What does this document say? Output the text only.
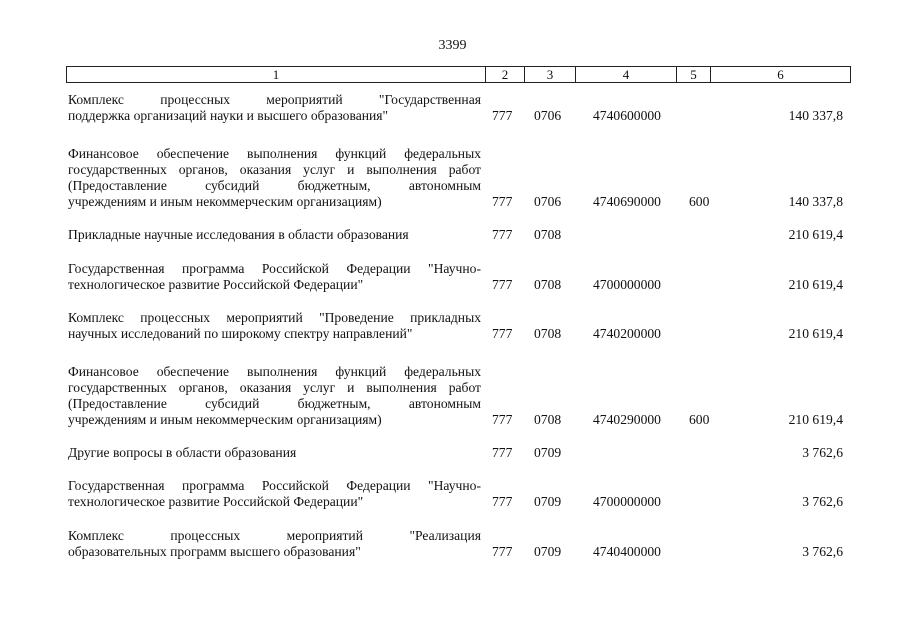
3399
1	2	3	4	5	6
Комплекс процессных мероприятий "Государственная
поддержка организаций науки и высшего образования"	777 0706 4740600000	140 337,8
Финансовое обеспечение выполнения функций федеральных
государственных органов, оказания услуг и выполнения работ
(Предоставление субсидий бюджетным, автономным
учреждениям и иным некоммерческим организациям)	777 0706 4740690000 600	140 337,8
Прикладные научные исследования в области образования	777 0708	210 619,4
Государственная программа Российской Федерации "Научно-
технологическое развитие Российской Федерации"	777 0708 4700000000	210 619,4
Комплекс процессных мероприятий "Проведение прикладных
научных исследований по широкому спектру направлений"	777 0708 4740200000	210 619,4
Финансовое обеспечение выполнения функций федеральных
государственных органов, оказания услуг и выполнения работ
(Предоставление субсидий бюджетным, автономным
учреждениям и иным некоммерческим организациям)	777 0708 4740290000 600	210 619,4
Другие вопросы в области образования	777 0709	3 762,6
Государственная программа Российской Федерации "Научно-
технологическое развитие Российской Федерации"	777 0709 4700000000	3 762,6
Комплекс процессных мероприятий "Реализация
образовательных программ высшего образования"	777 0709 4740400000	3 762,6
